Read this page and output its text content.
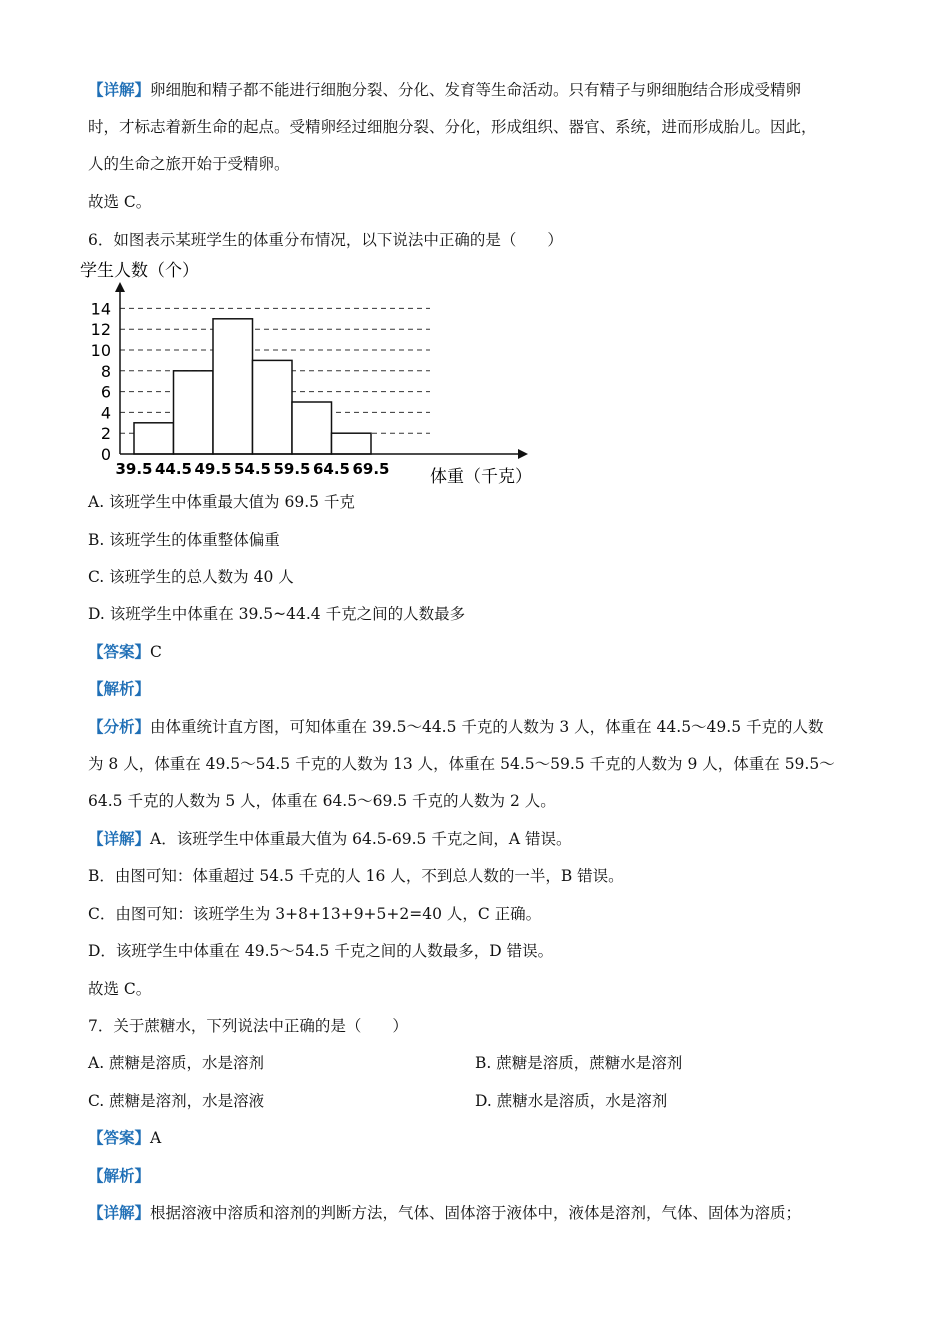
【详解】卵细胞和精子都不能进行细胞分裂、分化、发育等生命活动。只有精子与卵细胞结合形成受精卵
时，才标志着新生命的起点。受精卵经过细胞分裂、分化，形成组织、器官、系统，进而形成胎儿。因此，
人的生命之旅开始于受精卵。
故选 C。
6．如图表示某班学生的体重分布情况，以下说法中正确的是（　　）
学生人数（个）
0
2
4
6
8
10
12
14
39.5 44.5 49.5 54.5 59.5 64.5 69.5 体重（千克）
A. 该班学生中体重最大值为 69.5 千克
B. 该班学生的体重整体偏重
C. 该班学生的总人数为 40 人
D. 该班学生中体重在 39.5~44.4 千克之间的人数最多
【答案】C
【解析】
【分析】由体重统计直方图，可知体重在 39.5～44.5 千克的人数为 3 人，体重在 44.5～49.5 千克的人数
为 8 人，体重在 49.5～54.5 千克的人数为 13 人，体重在 54.5～59.5 千克的人数为 9 人，体重在 59.5～
64.5 千克的人数为 5 人，体重在 64.5～69.5 千克的人数为 2 人。
【详解】A．该班学生中体重最大值为 64.5-69.5 千克之间，A 错误。
B．由图可知：体重超过 54.5 千克的人 16 人，不到总人数的一半，B 错误。
C．由图可知：该班学生为 3+8+13+9+5+2=40 人，C 正确。
D．该班学生中体重在 49.5～54.5 千克之间的人数最多，D 错误。
故选 C。
7．关于蔗糖水，下列说法中正确的是（　　）
A. 蔗糖是溶质，水是溶剂	B. 蔗糖是溶质，蔗糖水是溶剂
C. 蔗糖是溶剂，水是溶液	D. 蔗糖水是溶质，水是溶剂
【答案】A
【解析】
【详解】根据溶液中溶质和溶剂的判断方法，气体、固体溶于液体中，液体是溶剂，气体、固体为溶质；
